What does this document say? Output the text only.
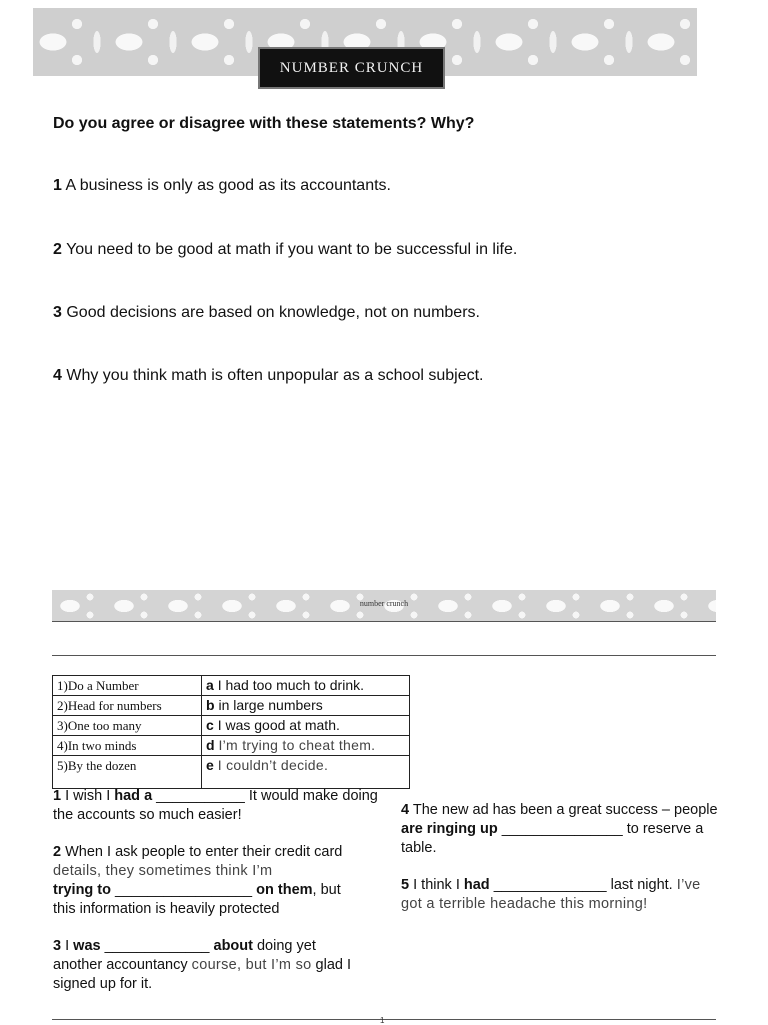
NUMBER CRUNCH
Do you agree or disagree with these statements? Why?
1 A business is only as good as its accountants.
2 You need to be good at math if you want to be successful in life.
3 Good decisions are based on knowledge, not on numbers.
4 Why you think math is often unpopular as a school subject.
number crunch
1)Do a Number	a I had too much to drink.
2)Head for numbers	b in large numbers
3)One too many	c I was good at math.
4)In two minds	d I’m trying to cheat them.
5)By the dozen	e I couldn’t decide.
1 I wish I had a ___________ It would make doing the accounts so much easier!
2 When I ask people to enter their credit card details, they sometimes think I’m
trying to _________________ on them, but this information is heavily protected
3 I was _____________ about doing yet another accountancy course, but I’m so glad I signed up for it.
4 The new ad has been a great success – people are ringing up _______________ to reserve a table.
5 I think I had ______________ last night. I’ve got a terrible headache this morning!
1
